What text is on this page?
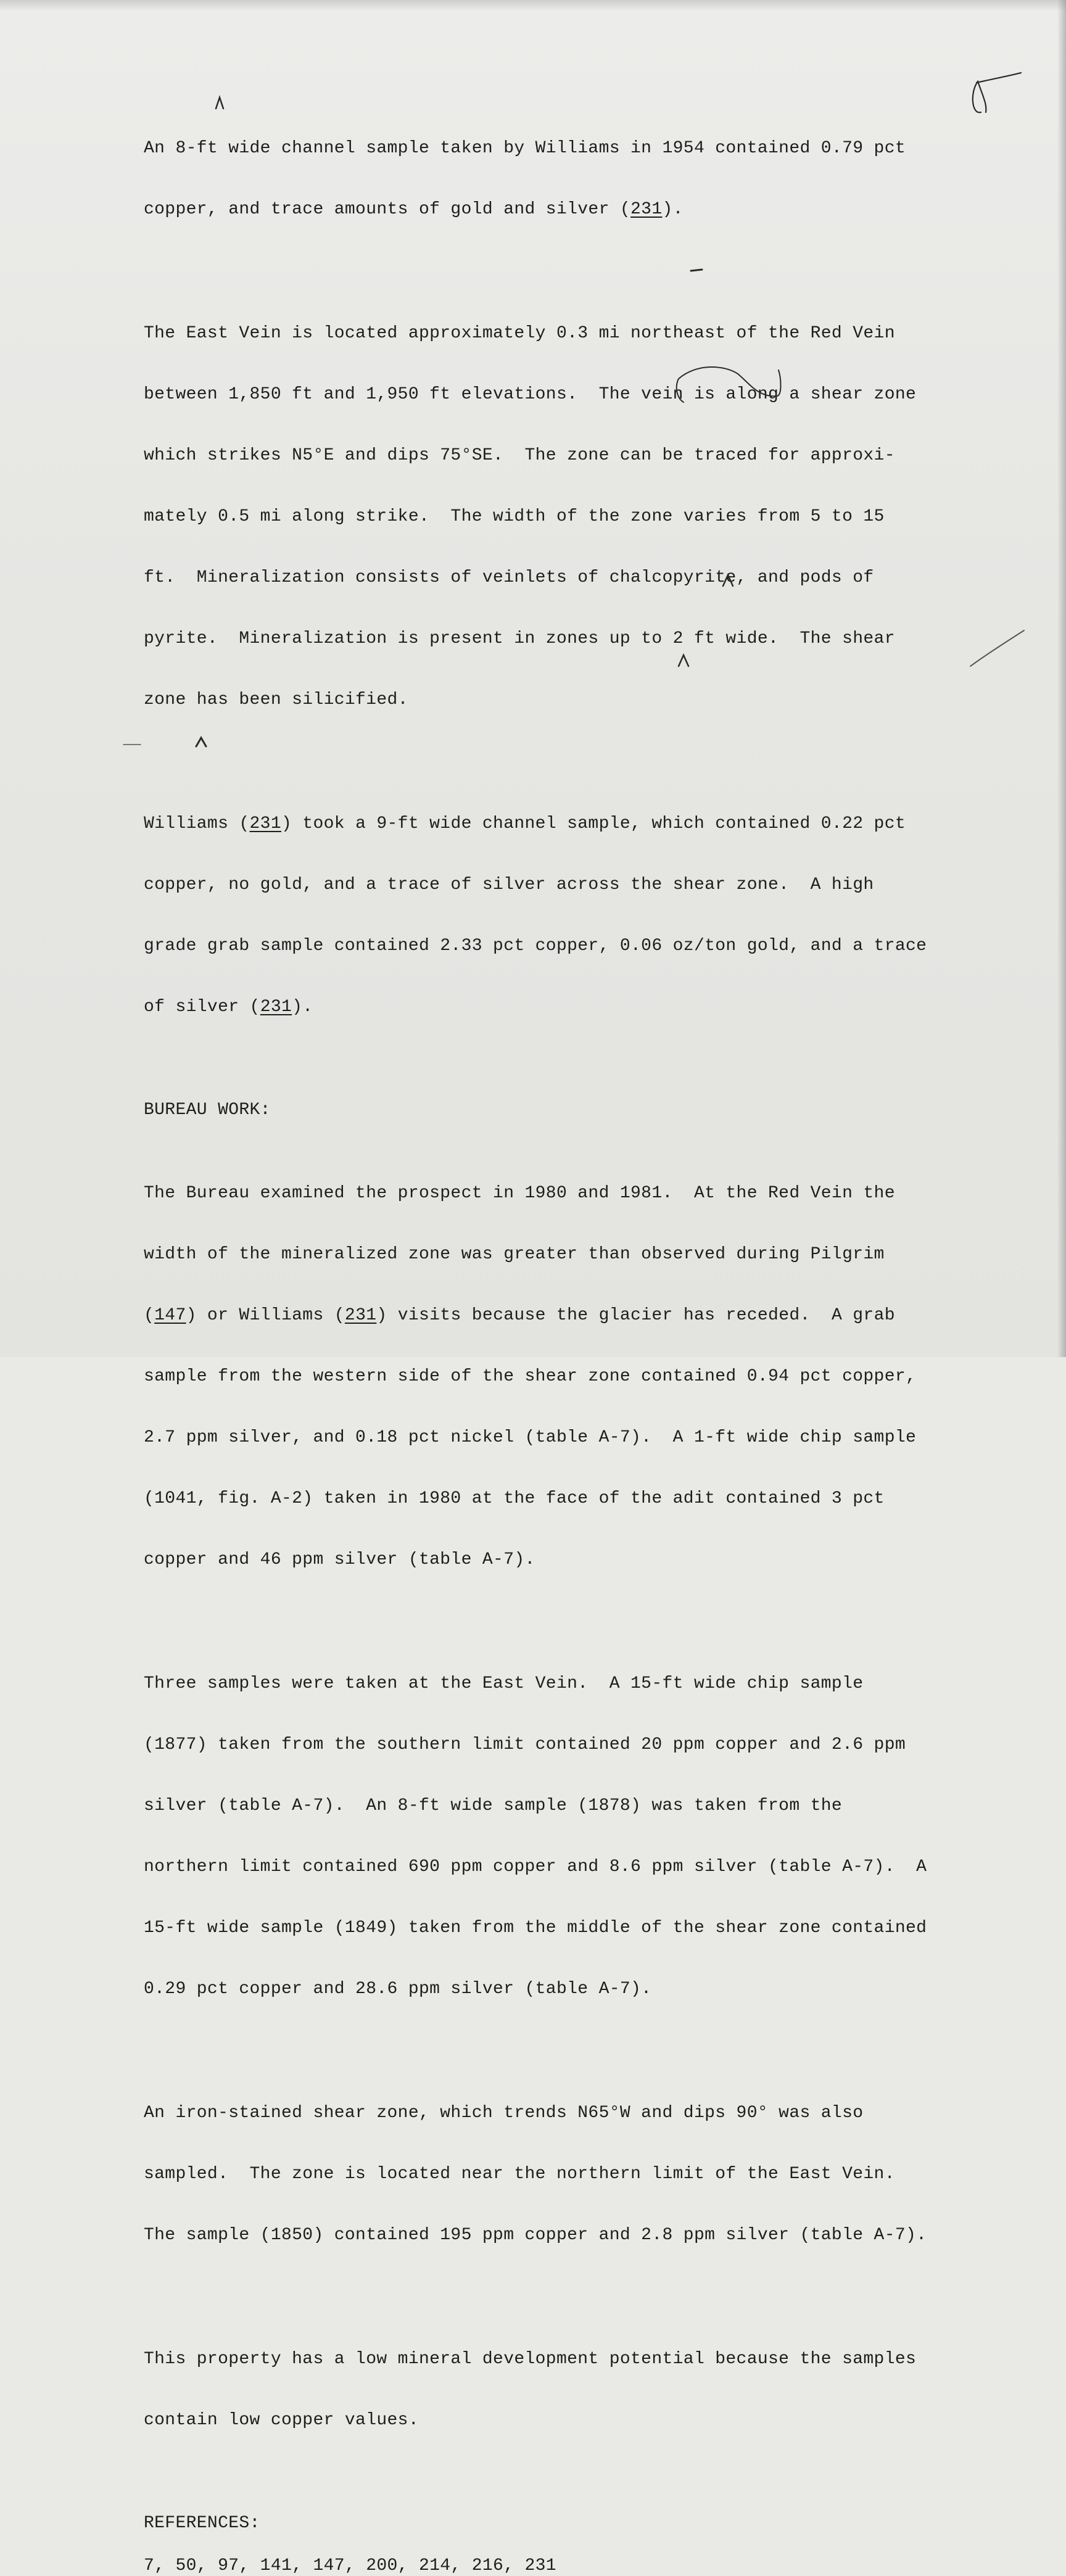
An 8-ft wide channel sample taken by Williams in 1954 contained 0.79 pct

copper, and trace amounts of gold and silver (231).

The East Vein is located approximately 0.3 mi northeast of the Red Vein

between 1,850 ft and 1,950 ft elevations.  The vein is along a shear zone

which strikes N5°E and dips 75°SE.  The zone can be traced for approxi-

mately 0.5 mi along strike.  The width of the zone varies from 5 to 15

ft.  Mineralization consists of veinlets of chalcopyrite, and pods of

pyrite.  Mineralization is present in zones up to 2 ft wide.  The shear

zone has been silicified.

Williams (231) took a 9-ft wide channel sample, which contained 0.22 pct

copper, no gold, and a trace of silver across the shear zone.  A high

grade grab sample contained 2.33 pct copper, 0.06 oz/ton gold, and a trace

of silver (231).

BUREAU WORK:

The Bureau examined the prospect in 1980 and 1981.  At the Red Vein the

width of the mineralized zone was greater than observed during Pilgrim

(147) or Williams (231) visits because the glacier has receded.  A grab

sample from the western side of the shear zone contained 0.94 pct copper,

2.7 ppm silver, and 0.18 pct nickel (table A-7).  A 1-ft wide chip sample

(1041, fig. A-2) taken in 1980 at the face of the adit contained 3 pct

copper and 46 ppm silver (table A-7).

Three samples were taken at the East Vein.  A 15-ft wide chip sample

(1877) taken from the southern limit contained 20 ppm copper and 2.6 ppm

silver (table A-7).  An 8-ft wide sample (1878) was taken from the

northern limit contained 690 ppm copper and 8.6 ppm silver (table A-7).  A

15-ft wide sample (1849) taken from the middle of the shear zone contained

0.29 pct copper and 28.6 ppm silver (table A-7).

An iron-stained shear zone, which trends N65°W and dips 90° was also

sampled.  The zone is located near the northern limit of the East Vein.

The sample (1850) contained 195 ppm copper and 2.8 ppm silver (table A-7).

This property has a low mineral development potential because the samples

contain low copper values.

REFERENCES:
7, 50, 97, 141, 147, 200, 214, 216, 231
